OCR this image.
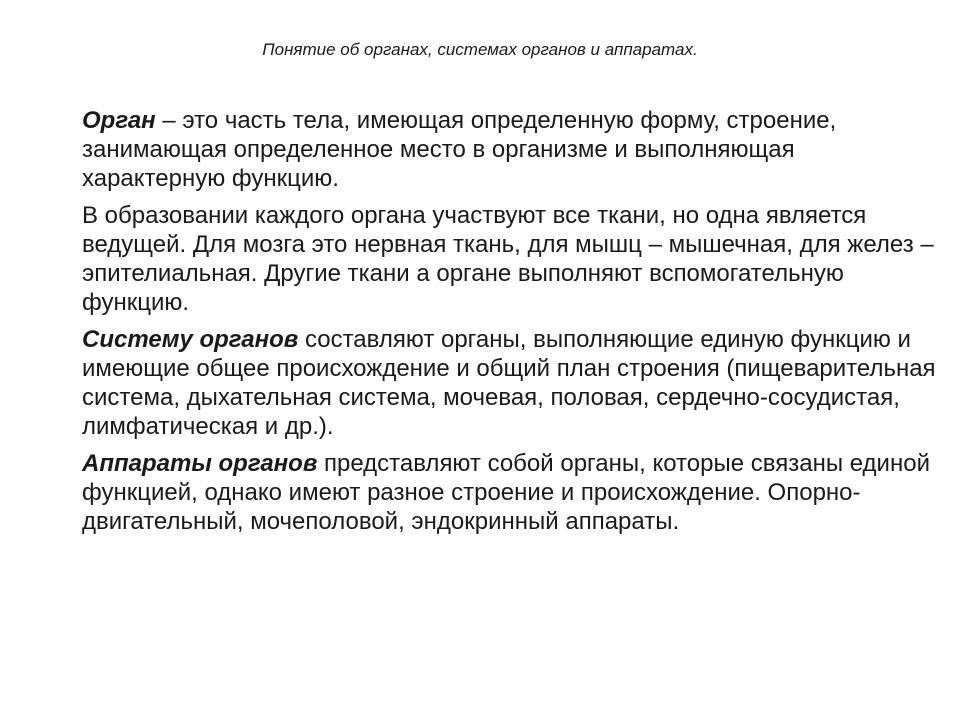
Понятие об органах, системах органов и аппаратах.

Орган – это часть тела, имеющая определенную форму, строение, занимающая определенное место в организме и выполняющая характерную функцию.

В образовании каждого органа участвуют все ткани, но одна является ведущей. Для мозга это нервная ткань, для мышц – мышечная, для желез – эпителиальная. Другие ткани а органе выполняют вспомогательную функцию.

Систему органов составляют органы, выполняющие единую функцию и имеющие общее происхождение и общий план строения (пищеварительная система, дыхательная система, мочевая, половая, сердечно-сосудистая, лимфатическая и др.).

Аппараты органов представляют собой органы, которые связаны единой функцией, однако имеют разное строение и происхождение. Опорно-двигательный, мочеполовой, эндокринный аппараты.
